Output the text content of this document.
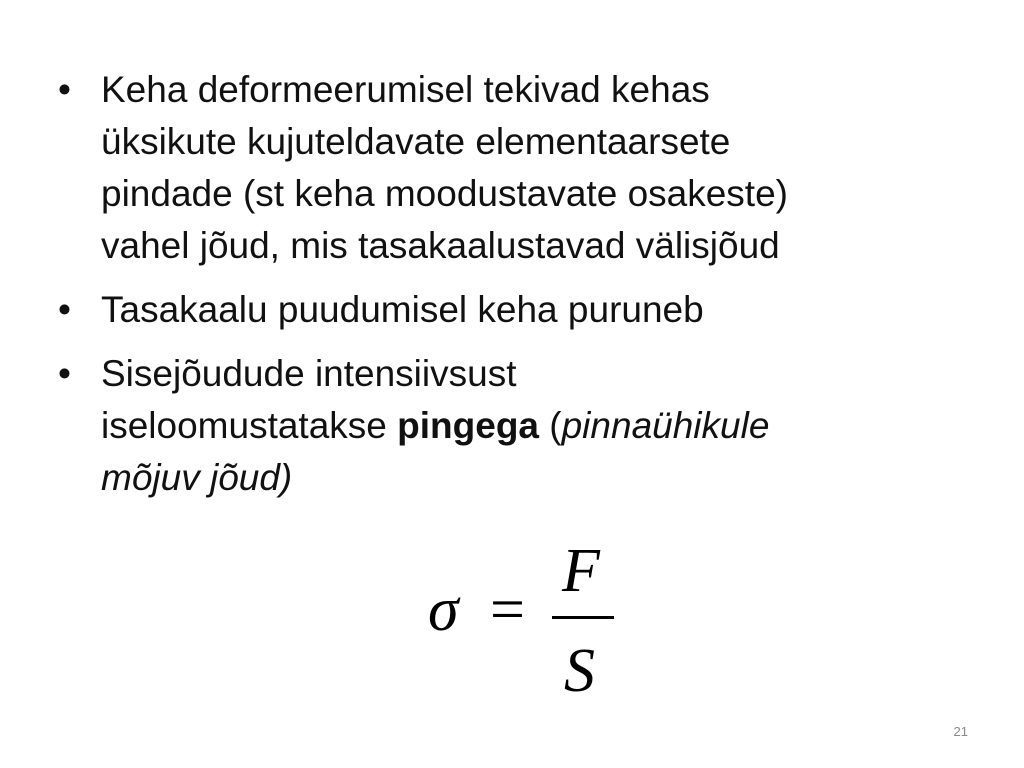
• Keha deformeerumisel tekivad kehas
üksikute kujuteldavate elementaarsete
pindade (st keha moodustavate osakeste)
vahel jõud, mis tasakaalustavad välisjõud
• Tasakaalu puudumisel keha puruneb
• Sisejõudude intensiivsust
iseloomustatakse pingega (pinnaühikule
mõjuv jõud)
σ =
F
S
21
